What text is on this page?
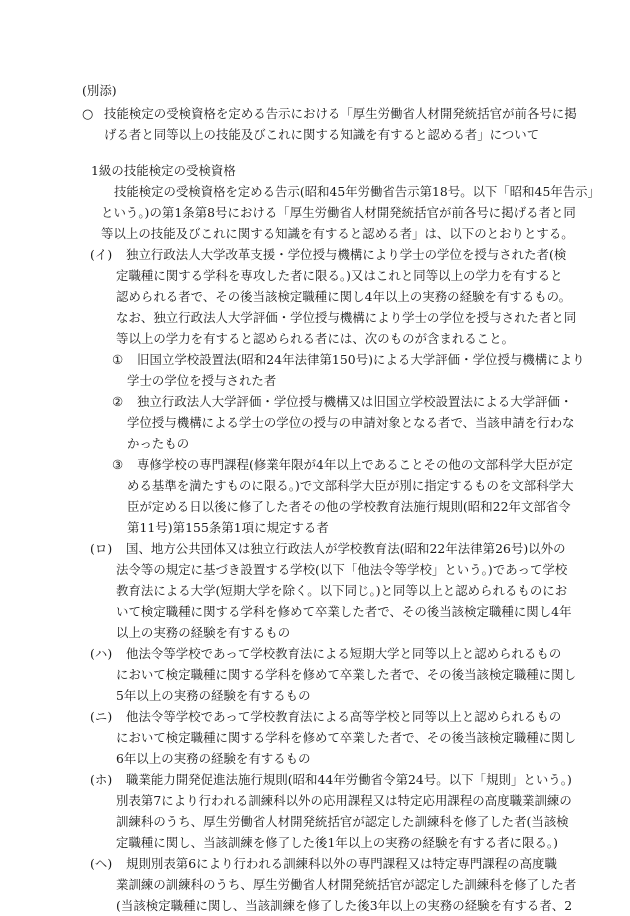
(別添)
○ 技能検定の受検資格を定める告示における「厚生労働省人材開発統括官が前各号に掲
げる者と同等以上の技能及びこれに関する知識を有すると認める者」について
1級の技能検定の受検資格
技能検定の受検資格を定める告示(昭和45年労働省告示第18号。以下「昭和45年告示」
という。)の第1条第8号における「厚生労働省人材開発統括官が前各号に掲げる者と同
等以上の技能及びこれに関する知識を有すると認める者」は、以下のとおりとする。
(イ) 独立行政法人大学改革支援・学位授与機構により学士の学位を授与された者(検
定職種に関する学科を専攻した者に限る。)又はこれと同等以上の学力を有すると
認められる者で、その後当該検定職種に関し4年以上の実務の経験を有するもの。
なお、独立行政法人大学評価・学位授与機構により学士の学位を授与された者と同
等以上の学力を有すると認められる者には、次のものが含まれること。
① 旧国立学校設置法(昭和24年法律第150号)による大学評価・学位授与機構により
学士の学位を授与された者
② 独立行政法人大学評価・学位授与機構又は旧国立学校設置法による大学評価・
学位授与機構による学士の学位の授与の申請対象となる者で、当該申請を行わな
かったもの
③ 専修学校の専門課程(修業年限が4年以上であることその他の文部科学大臣が定
める基準を満たすものに限る。)で文部科学大臣が別に指定するものを文部科学大
臣が定める日以後に修了した者その他の学校教育法施行規則(昭和22年文部省令
第11号)第155条第1項に規定する者
(ロ) 国、地方公共団体又は独立行政法人が学校教育法(昭和22年法律第26号)以外の
法令等の規定に基づき設置する学校(以下「他法令等学校」という。)であって学校
教育法による大学(短期大学を除く。以下同じ。)と同等以上と認められるものにお
いて検定職種に関する学科を修めて卒業した者で、その後当該検定職種に関し4年
以上の実務の経験を有するもの
(ハ) 他法令等学校であって学校教育法による短期大学と同等以上と認められるもの
において検定職種に関する学科を修めて卒業した者で、その後当該検定職種に関し
5年以上の実務の経験を有するもの
(ニ) 他法令等学校であって学校教育法による高等学校と同等以上と認められるもの
において検定職種に関する学科を修めて卒業した者で、その後当該検定職種に関し
6年以上の実務の経験を有するもの
(ホ) 職業能力開発促進法施行規則(昭和44年労働省令第24号。以下「規則」という。)
別表第7により行われる訓練科以外の応用課程又は特定応用課程の高度職業訓練の
訓練科のうち、厚生労働省人材開発統括官が認定した訓練科を修了した者(当該検
定職種に関し、当該訓練を修了した後1年以上の実務の経験を有する者に限る。)
(ヘ) 規則別表第6により行われる訓練科以外の専門課程又は特定専門課程の高度職
業訓練の訓練科のうち、厚生労働省人材開発統括官が認定した訓練科を修了した者
(当該検定職種に関し、当該訓練を修了した後3年以上の実務の経験を有する者、2
